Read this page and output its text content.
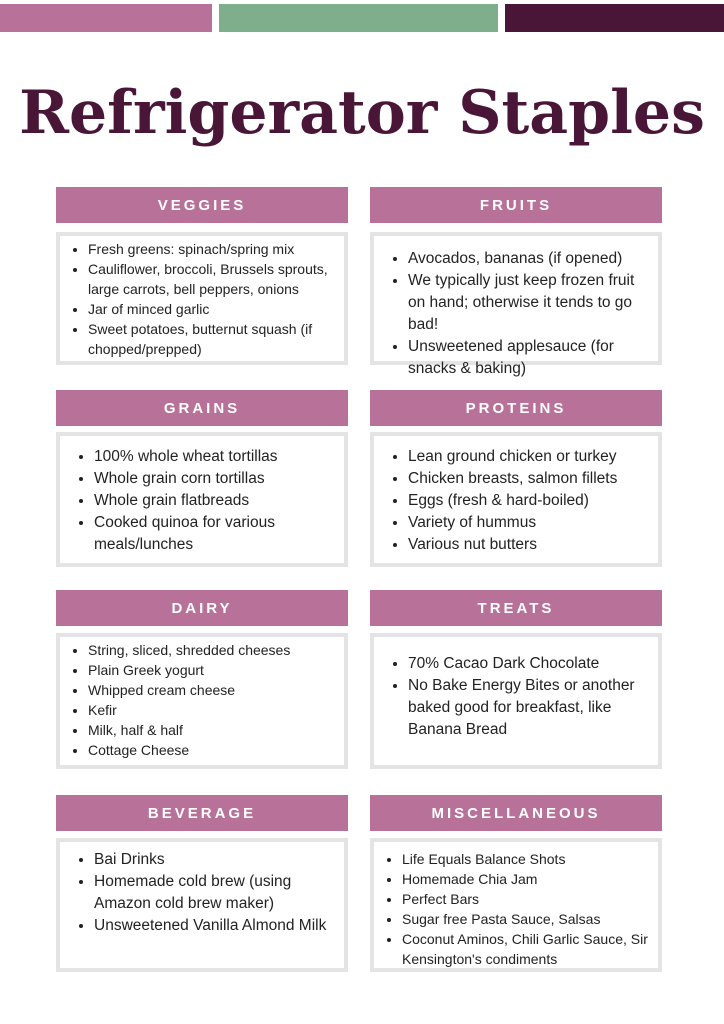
Refrigerator Staples
VEGGIES
• Fresh greens: spinach/spring mix
• Cauliflower, broccoli, Brussels sprouts, large carrots, bell peppers, onions
• Jar of minced garlic
• Sweet potatoes, butternut squash (if chopped/prepped)
FRUITS
• Avocados, bananas (if opened)
• We typically just keep frozen fruit on hand; otherwise it tends to go bad!
• Unsweetened applesauce (for snacks & baking)
GRAINS
• 100% whole wheat tortillas
• Whole grain corn tortillas
• Whole grain flatbreads
• Cooked quinoa for various meals/lunches
PROTEINS
• Lean ground chicken or turkey
• Chicken breasts, salmon fillets
• Eggs (fresh & hard-boiled)
• Variety of hummus
• Various nut butters
DAIRY
• String, sliced, shredded cheeses
• Plain Greek yogurt
• Whipped cream cheese
• Kefir
• Milk, half & half
• Cottage Cheese
TREATS
• 70% Cacao Dark Chocolate
• No Bake Energy Bites or another baked good for breakfast, like Banana Bread
BEVERAGE
• Bai Drinks
• Homemade cold brew (using Amazon cold brew maker)
• Unsweetened Vanilla Almond Milk
MISCELLANEOUS
• Life Equals Balance Shots
• Homemade Chia Jam
• Perfect Bars
• Sugar free Pasta Sauce, Salsas
• Coconut Aminos, Chili Garlic Sauce, Sir Kensington's condiments
